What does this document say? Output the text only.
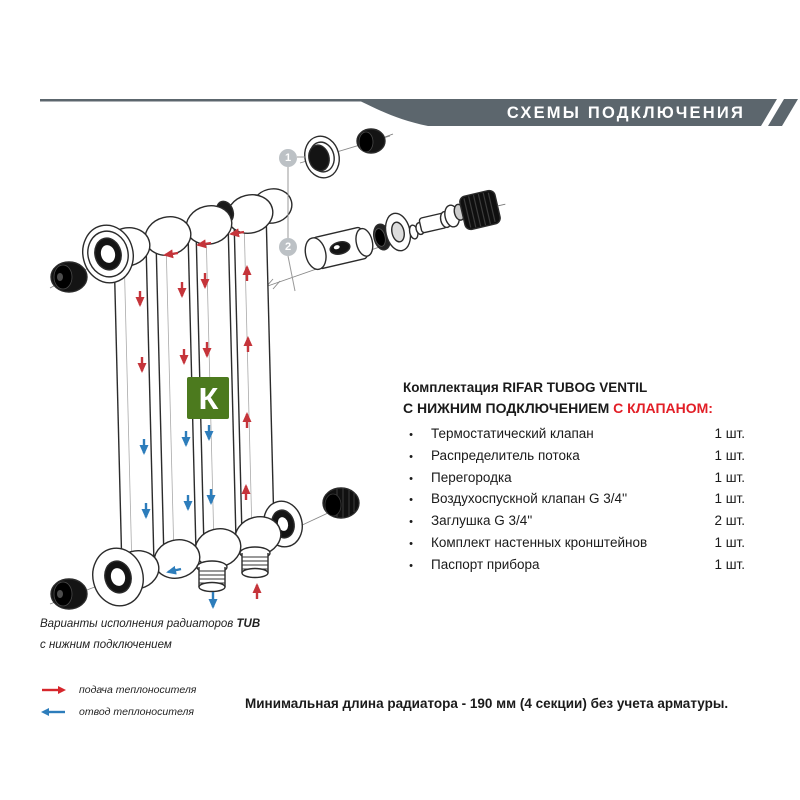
СХЕМЫ ПОДКЛЮЧЕНИЯ
1
2
К	Комплектация RIFAR TUBOG VENTIL
С НИЖНИМ ПОДКЛЮЧЕНИЕМ С КЛАПАНОМ:
•
Термостатический клапан	1 шт.
•
Распределитель потока	1 шт.
•
Перегородка	1 шт.
•
Воздухоспускной клапан G 3/4''	1 шт.
•
Заглушка G 3/4''	2 шт.
•
Комплект настенных кронштейнов	1 шт.
•
Паспорт прибора	1 шт.
Варианты исполнения радиаторов TUB
с нижним подключением
подача теплоносителя
отвод теплоносителя
Минимальная длина радиатора - 190 мм (4 секции) без учета арматуры.
